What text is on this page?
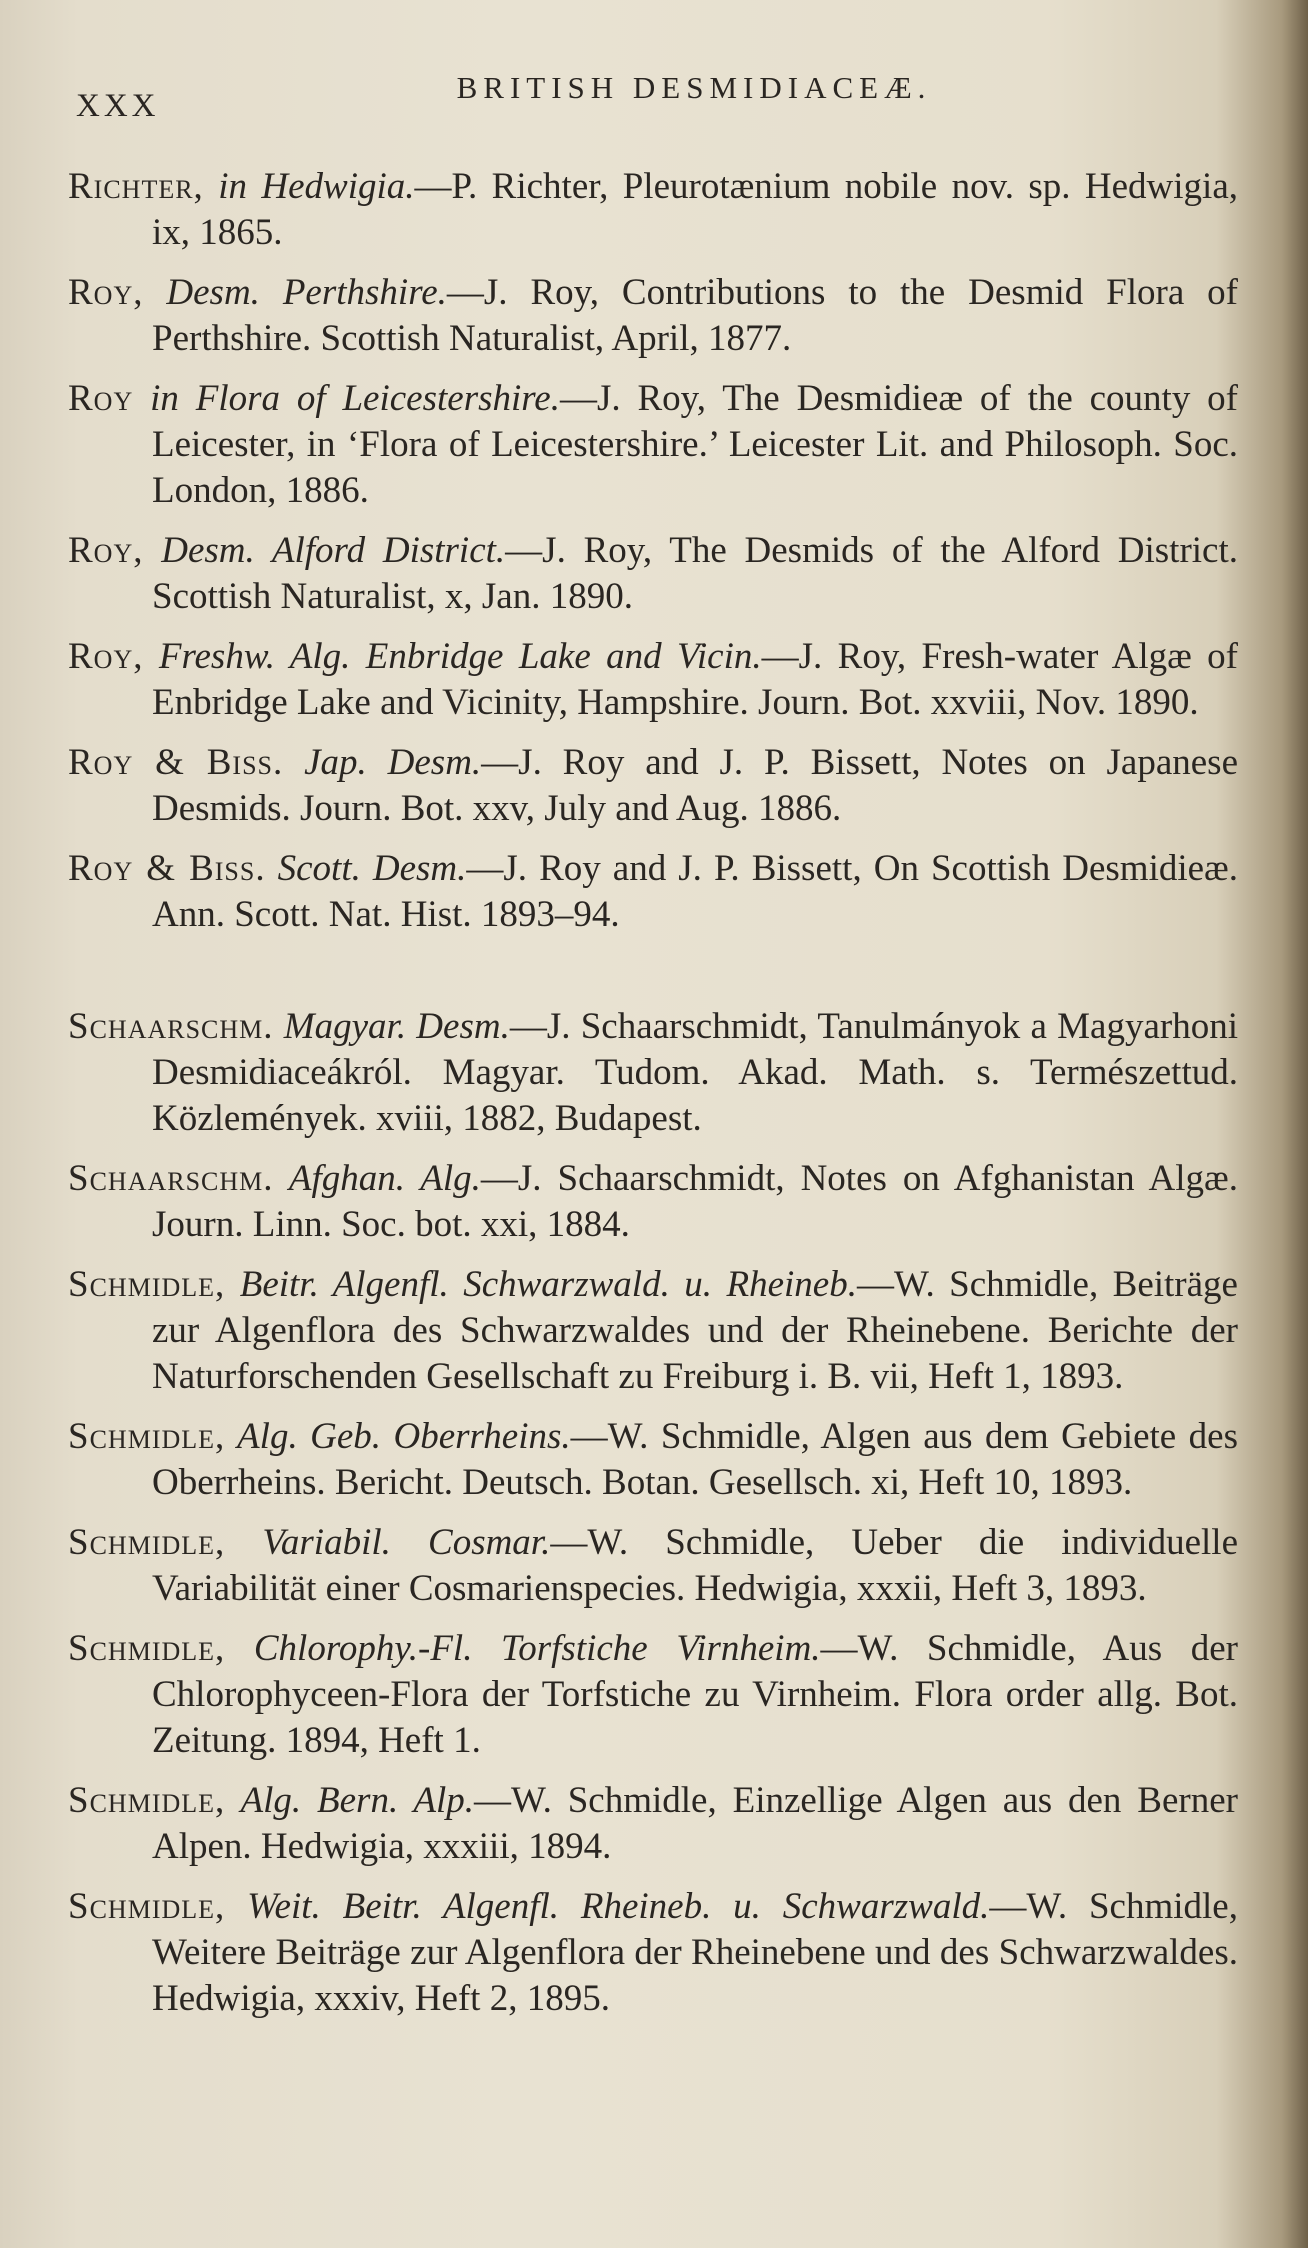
XXX
BRITISH DESMIDIACEÆ.

Richter, in Hedwigia.—P. Richter, Pleurotænium nobile nov. sp. Hedwigia, ix, 1865.

Roy, Desm. Perthshire.—J. Roy, Contributions to the Desmid Flora of Perthshire. Scottish Naturalist, April, 1877.

Roy in Flora of Leicestershire.—J. Roy, The Desmidieæ of the county of Leicester, in ‘Flora of Leicestershire.’ Leicester Lit. and Philosoph. Soc. London, 1886.

Roy, Desm. Alford District.—J. Roy, The Desmids of the Alford District. Scottish Naturalist, x, Jan. 1890.

Roy, Freshw. Alg. Enbridge Lake and Vicin.—J. Roy, Fresh-water Algæ of Enbridge Lake and Vicinity, Hampshire. Journ. Bot. xxviii, Nov. 1890.

Roy & Biss. Jap. Desm.—J. Roy and J. P. Bissett, Notes on Japanese Desmids. Journ. Bot. xxv, July and Aug. 1886.

Roy & Biss. Scott. Desm.—J. Roy and J. P. Bissett, On Scottish Desmidieæ. Ann. Scott. Nat. Hist. 1893–94.

Schaarschm. Magyar. Desm.—J. Schaarschmidt, Tanulmányok a Magyarhoni Desmidiaceákról. Magyar. Tudom. Akad. Math. s. Természettud. Közlemények. xviii, 1882, Budapest.

Schaarschm. Afghan. Alg.—J. Schaarschmidt, Notes on Afghanistan Algæ. Journ. Linn. Soc. bot. xxi, 1884.

Schmidle, Beitr. Algenfl. Schwarzwald. u. Rheineb.—W. Schmidle, Beiträge zur Algenflora des Schwarzwaldes und der Rheinebene. Berichte der Naturforschenden Gesellschaft zu Freiburg i. B. vii, Heft 1, 1893.

Schmidle, Alg. Geb. Oberrheins.—W. Schmidle, Algen aus dem Gebiete des Oberrheins. Bericht. Deutsch. Botan. Gesellsch. xi, Heft 10, 1893.

Schmidle, Variabil. Cosmar.—W. Schmidle, Ueber die individuelle Variabilität einer Cosmarienspecies. Hedwigia, xxxii, Heft 3, 1893.

Schmidle, Chlorophy.-Fl. Torfstiche Virnheim.—W. Schmidle, Aus der Chlorophyceen-Flora der Torfstiche zu Virnheim. Flora order allg. Bot. Zeitung. 1894, Heft 1.

Schmidle, Alg. Bern. Alp.—W. Schmidle, Einzellige Algen aus den Berner Alpen. Hedwigia, xxxiii, 1894.

Schmidle, Weit. Beitr. Algenfl. Rheineb. u. Schwarzwald.—W. Schmidle, Weitere Beiträge zur Algenflora der Rheinebene und des Schwarzwaldes. Hedwigia, xxxiv, Heft 2, 1895.
